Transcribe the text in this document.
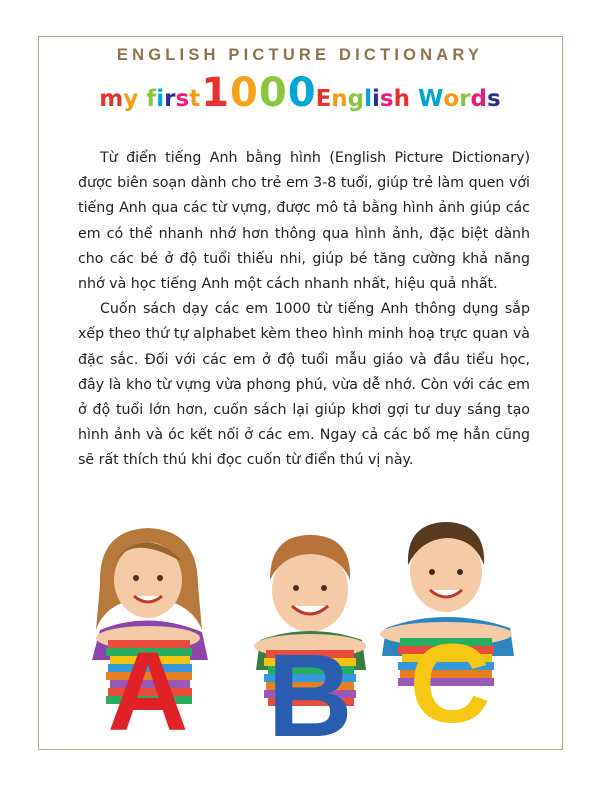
ENGLISH PICTURE DICTIONARY
my first1000English Words

Từ điển tiếng Anh bằng hình (English Picture Dictionary) được biên soạn dành cho trẻ em 3-8 tuổi, giúp trẻ làm quen với tiếng Anh qua các từ vựng, được mô tả bằng hình ảnh giúp các em có thể nhanh nhớ hơn thông qua hình ảnh, đặc biệt dành cho các bé ở độ tuổi thiếu nhi, giúp bé tăng cường khả năng nhớ và học tiếng Anh một cách nhanh nhất, hiệu quả nhất.

Cuốn sách dạy các em 1000 từ tiếng Anh thông dụng sắp xếp theo thứ tự alphabet kèm theo hình minh hoạ trực quan và đặc sắc. Đối với các em ở độ tuổi mẫu giáo và đầu tiểu học, đây là kho từ vựng vừa phong phú, vừa dễ nhớ. Còn với các em ở độ tuổi lớn hơn, cuốn sách lại giúp khơi gợi tư duy sáng tạo hình ảnh và óc kết nối ở các em. Ngay cả các bố mẹ hẳn cũng sẽ rất thích thú khi đọc cuốn từ điển thú vị này.

A B C
